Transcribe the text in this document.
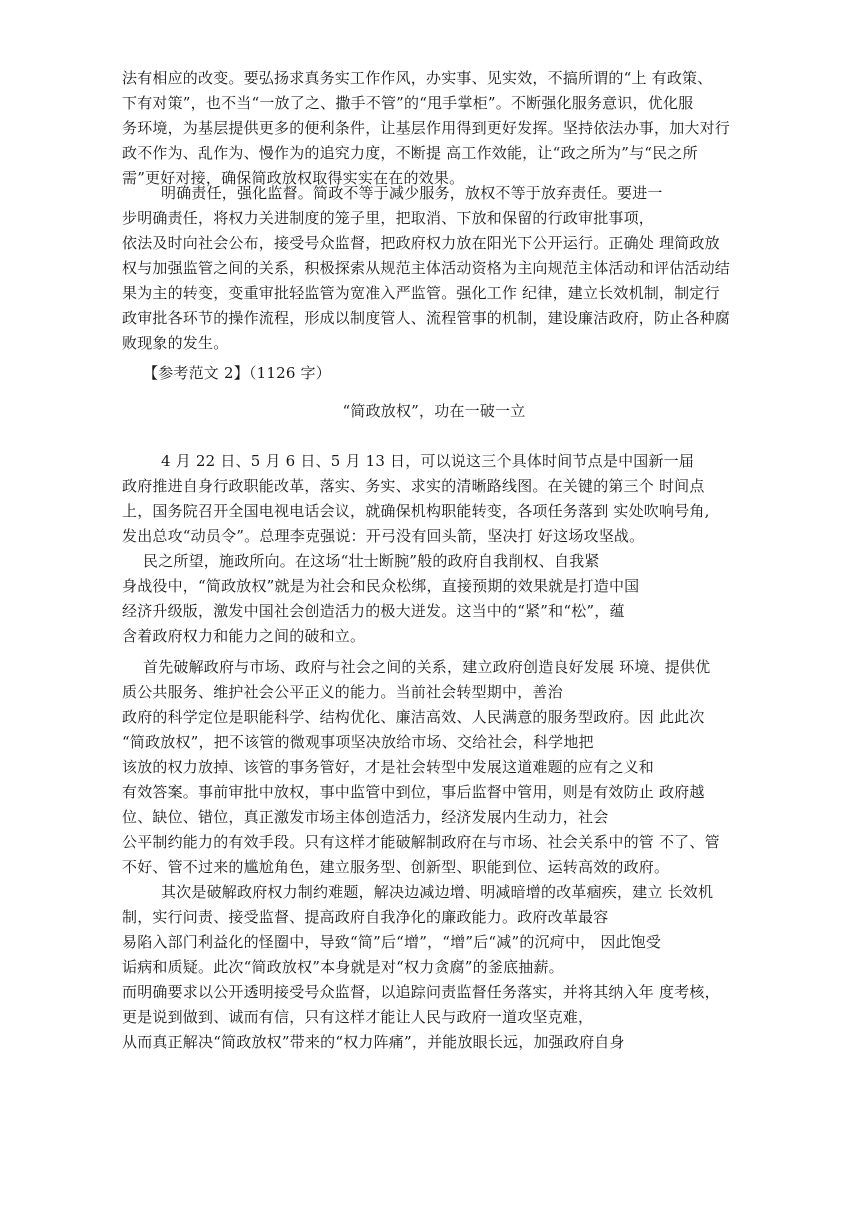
法有相应的改变。要弘扬求真务实工作作风，办实事、见实效，不搞所谓的“上 有政策、
下有对策”，也不当“一放了之、撒手不管”的“甩手掌柜”。不断强化服务意识，优化服
务环境，为基层提供更多的便利条件，让基层作用得到更好发挥。坚持依法办事，加大对行
政不作为、乱作为、慢作为的追究力度，不断提 高工作效能，让“政之所为”与“民之所
需”更好对接，确保简政放权取得实实在在的效果。
明确责任，强化监督。简政不等于减少服务，放权不等于放弃责任。要进一
步明确责任，将权力关进制度的笼子里，把取消、下放和保留的行政审批事项，
依法及时向社会公布，接受号众监督，把政府权力放在阳光下公开运行。正确处 理简政放
权与加强监管之间的关系，积极探索从规范主体活动资格为主向规范主体活动和评估活动结
果为主的转变，变重审批轻监管为宽准入严监管。强化工作 纪律，建立长效机制，制定行
政审批各环节的操作流程，形成以制度管人、流程管事的机制，建设廉洁政府，防止各种腐
败现象的发生。
【参考范文 2】（1126 字）
“简政放权”，功在一破一立
4 月 22 日、5 月 6 日、5 月 13 日，可以说这三个具体时间节点是中国新一届
政府推进自身行政职能改革，落实、务实、求实的清晰路线图。在关键的第三个 时间点
上，国务院召开全国电视电话会议，就确保机构职能转变，各项任务落到 实处吹响号角,
发出总攻“动员令”。总理李克强说：开弓没有回头箭，坚决打 好这场攻坚战。
民之所望，施政所向。在这场“壮士断腕”般的政府自我削权、自我紧
身战役中，“简政放权”就是为社会和民众松绑，直接预期的效果就是打造中国
经济升级版，激发中国社会创造活力的极大迸发。这当中的“紧”和“松”，蕴
含着政府权力和能力之间的破和立。
首先破解政府与市场、政府与社会之间的关系，建立政府创造良好发展 环境、提供优
质公共服务、维护社会公平正义的能力。当前社会转型期中，善治
政府的科学定位是职能科学、结构优化、廉洁高效、人民满意的服务型政府。因 此此次
“简政放权”，把不该管的微观事项坚决放给市场、交给社会，科学地把
该放的权力放掉、该管的事务管好，才是社会转型中发展这道难题的应有之义和
有效答案。事前审批中放权，事中监管中到位，事后监督中管用，则是有效防止 政府越
位、缺位、错位，真正激发市场主体创造活力，经济发展内生动力，社会
公平制约能力的有效手段。只有这样才能破解制政府在与市场、社会关系中的管 不了、管
不好、管不过来的尴尬角色，建立服务型、创新型、职能到位、运转高效的政府。
其次是破解政府权力制约难题，解决边减边增、明减暗增的改革痼疾，建立 长效机
制，实行问责、接受监督、提高政府自我净化的廉政能力。政府改革最容
易陷入部门利益化的怪圈中，导致“简”后“增”，“增”后“减”的沉疴中， 因此饱受
诟病和质疑。此次“简政放权”本身就是对“权力贪腐”的釜底抽薪。
而明确要求以公开透明接受号众监督，以追踪问责监督任务落实，并将其纳入年 度考核，
更是说到做到、诚而有信，只有这样才能让人民与政府一道攻坚克难，
从而真正解决“简政放权”带来的“权力阵痛”，并能放眼长远，加强政府自身
